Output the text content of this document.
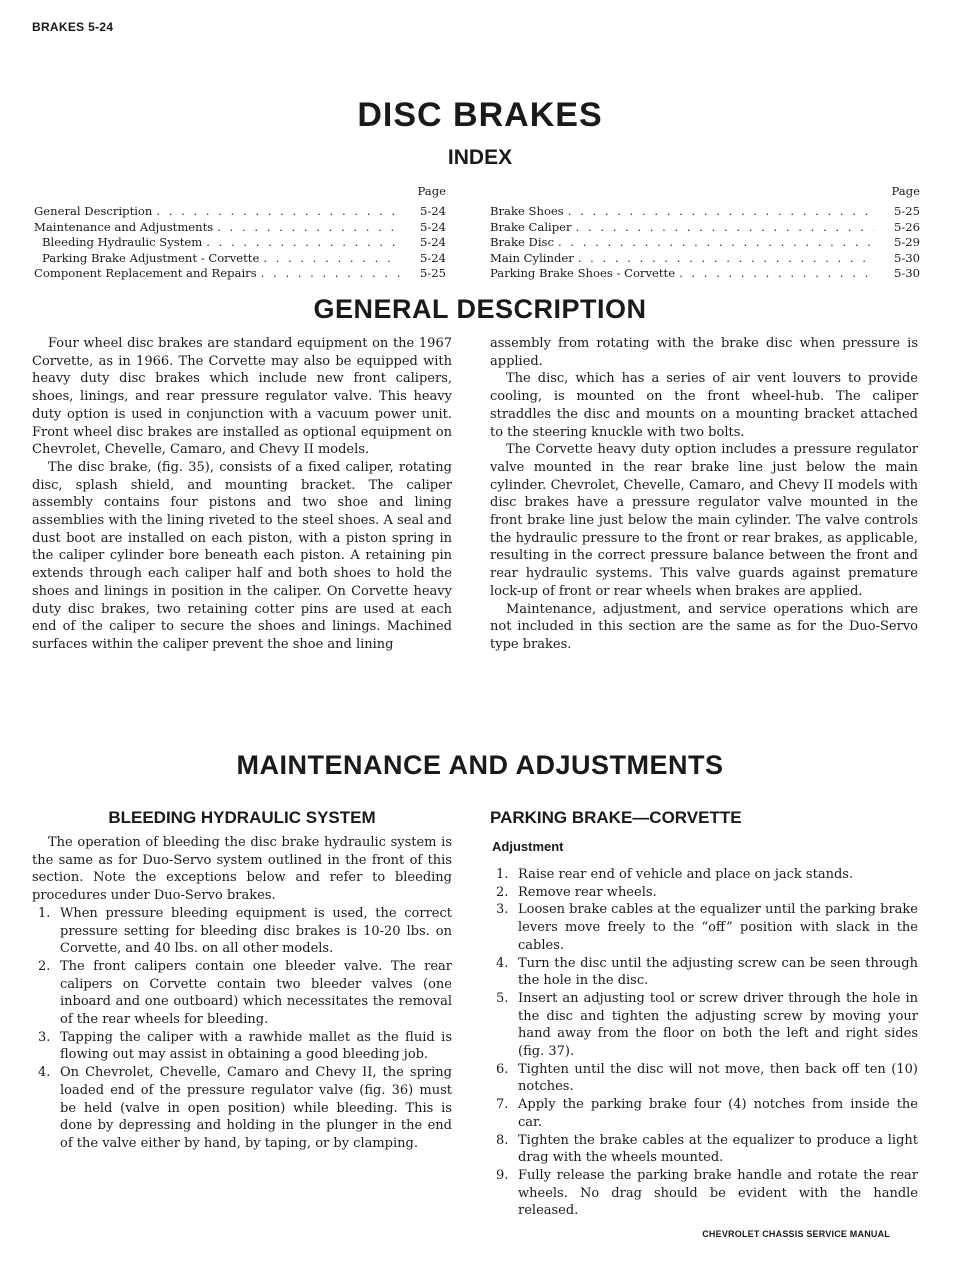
BRAKES 5-24
DISC BRAKES
INDEX
Page
General Description . . .	5-24
Maintenance and Adjustments . . .	5-24
Bleeding Hydraulic System . . .	5-24
Parking Brake Adjustment - Corvette . . .	5-24
Component Replacement and Repairs . . .	5-25
Page
Brake Shoes . . .	5-25
Brake Caliper . . .	5-26
Brake Disc . . .	5-29
Main Cylinder . . .	5-30
Parking Brake Shoes - Corvette . . .	5-30
GENERAL DESCRIPTION

Four wheel disc brakes are standard equipment on the 1967 Corvette, as in 1966. The Corvette may also be equipped with heavy duty disc brakes which include new front calipers, shoes, linings, and rear pressure regulator valve. This heavy duty option is used in conjunction with a vacuum power unit. Front wheel disc brakes are installed as optional equipment on Chevrolet, Chevelle, Camaro, and Chevy II models.

The disc brake, (fig. 35), consists of a fixed caliper, rotating disc, splash shield, and mounting bracket. The caliper assembly contains four pistons and two shoe and lining assemblies with the lining riveted to the steel shoes. A seal and dust boot are installed on each piston, with a piston spring in the caliper cylinder bore beneath each piston. A retaining pin extends through each caliper half and both shoes to hold the shoes and linings in position in the caliper. On Corvette heavy duty disc brakes, two retaining cotter pins are used at each end of the caliper to secure the shoes and linings. Machined surfaces within the caliper prevent the shoe and lining

assembly from rotating with the brake disc when pressure is applied.

The disc, which has a series of air vent louvers to provide cooling, is mounted on the front wheel-hub. The caliper straddles the disc and mounts on a mounting bracket attached to the steering knuckle with two bolts.

The Corvette heavy duty option includes a pressure regulator valve mounted in the rear brake line just below the main cylinder. Chevrolet, Chevelle, Camaro, and Chevy II models with disc brakes have a pressure regulator valve mounted in the front brake line just below the main cylinder. The valve controls the hydraulic pressure to the front or rear brakes, as applicable, resulting in the correct pressure balance between the front and rear hydraulic systems. This valve guards against premature lock-up of front or rear wheels when brakes are applied.

Maintenance, adjustment, and service operations which are not included in this section are the same as for the Duo-Servo type brakes.

MAINTENANCE AND ADJUSTMENTS
BLEEDING HYDRAULIC SYSTEM

The operation of bleeding the disc brake hydraulic system is the same as for Duo-Servo system outlined in the front of this section. Note the exceptions below and refer to bleeding procedures under Duo-Servo brakes.

1. When pressure bleeding equipment is used, the correct pressure setting for bleeding disc brakes is 10-20 lbs. on Corvette, and 40 lbs. on all other models.
2. The front calipers contain one bleeder valve. The rear calipers on Corvette contain two bleeder valves (one inboard and one outboard) which necessitates the removal of the rear wheels for bleeding.
3. Tapping the caliper with a rawhide mallet as the fluid is flowing out may assist in obtaining a good bleeding job.
4. On Chevrolet, Chevelle, Camaro and Chevy II, the spring loaded end of the pressure regulator valve (fig. 36) must be held (valve in open position) while bleeding. This is done by depressing and holding in the plunger in the end of the valve either by hand, by taping, or by clamping.
PARKING BRAKE—CORVETTE
Adjustment
1. Raise rear end of vehicle and place on jack stands.
2. Remove rear wheels.
3. Loosen brake cables at the equalizer until the parking brake levers move freely to the “off” position with slack in the cables.
4. Turn the disc until the adjusting screw can be seen through the hole in the disc.
5. Insert an adjusting tool or screw driver through the hole in the disc and tighten the adjusting screw by moving your hand away from the floor on both the left and right sides (fig. 37).
6. Tighten until the disc will not move, then back off ten (10) notches.
7. Apply the parking brake four (4) notches from inside the car.
8. Tighten the brake cables at the equalizer to produce a light drag with the wheels mounted.
9. Fully release the parking brake handle and rotate the rear wheels. No drag should be evident with the handle released.
CHEVROLET CHASSIS SERVICE MANUAL
